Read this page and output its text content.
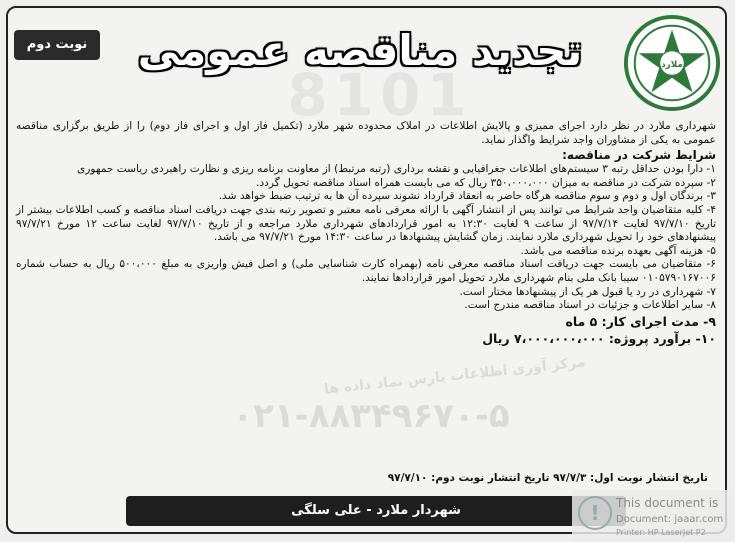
ملارد
8101
تجدید مناقصه عمومی
نوبت دوم

شهرداری ملارد در نظر دارد اجرای ممیزی و پالایش اطلاعات در املاک محدوده شهر ملارد (تکمیل فاز اول و اجرای فاز دوم) را از طریق برگزاری مناقصه عمومی به یکی از مشاوران واجد شرایط واگذار نماید.

شرایط شرکت در مناقصه:

۱- دارا بودن حداقل رتبه ۳ سیستم‌های اطلاعات جغرافیایی و نقشه برداری (رتبه مرتبط) از معاونت برنامه ریزی و نظارت راهبردی ریاست جمهوری

۲- سپرده شرکت در مناقصه به میزان ۳۵۰،۰۰۰،۰۰۰ ریال که می بایست همراه اسناد مناقصه تحویل گردد.

۳- برندگان اول و دوم و سوم مناقصه هرگاه حاضر به انعقاد قرارداد نشوند سپرده آن ها به ترتیب ضبط خواهد شد.

۴- کلیه متقاضیان واجد شرایط می توانند پس از انتشار آگهی با ارائه معرفی نامه معتبر و تصویر رتبه بندی جهت دریافت اسناد مناقصه و کسب اطلاعات بیشتر از تاریخ ۹۷/۷/۱۰ لغایت ۹۷/۷/۱۴ از ساعت ۹ لغایت ۱۲:۳۰ به امور قراردادهای شهرداری ملارد مراجعه و از تاریخ ۹۷/۷/۱۰ لغایت ساعت ۱۲ مورخ ۹۷/۷/۲۱ پیشنهادهای خود را تحویل شهرداری ملارد نمایند. زمان گشایش پیشنهادها در ساعت ۱۴:۳۰ مورخ ۹۷/۷/۲۱ می باشد.

۵- هزینه آگهی بعهده برنده مناقصه می باشد.

۶- متقاضیان می بایست جهت دریافت اسناد مناقصه معرفی نامه (بهمراه کارت شناسایی ملی) و اصل فیش واریزی به مبلغ ۵۰۰،۰۰۰ ریال به حساب شماره ۰۱۰۵۷۹۰۱۶۷۰۰۶ سیبا بانک ملی بنام شهرداری ملارد تحویل امور قراردادها نمایند.

۷- شهرداری در رد یا قبول هر یک از پیشنهادها مختار است.

۸- سایر اطلاعات و جزئیات در اسناد مناقصه مندرج است.

۹- مدت اجرای کار: ۵ ماه

۱۰- برآورد پروژه: ۷،۰۰۰،۰۰۰،۰۰۰ ریال

مرکز آوری اطلاعات پارس نماد داده ها
۰۲۱-۸۸۳۴۹۶۷۰-۵
تاریخ انتشار نوبت اول: ۹۷/۷/۳ تاریخ انتشار نوبت دوم: ۹۷/۷/۱۰
شهردار ملارد - علی سلگی	!	This document is
Document: jaaar.com
Printer: HP LaserJet P2
